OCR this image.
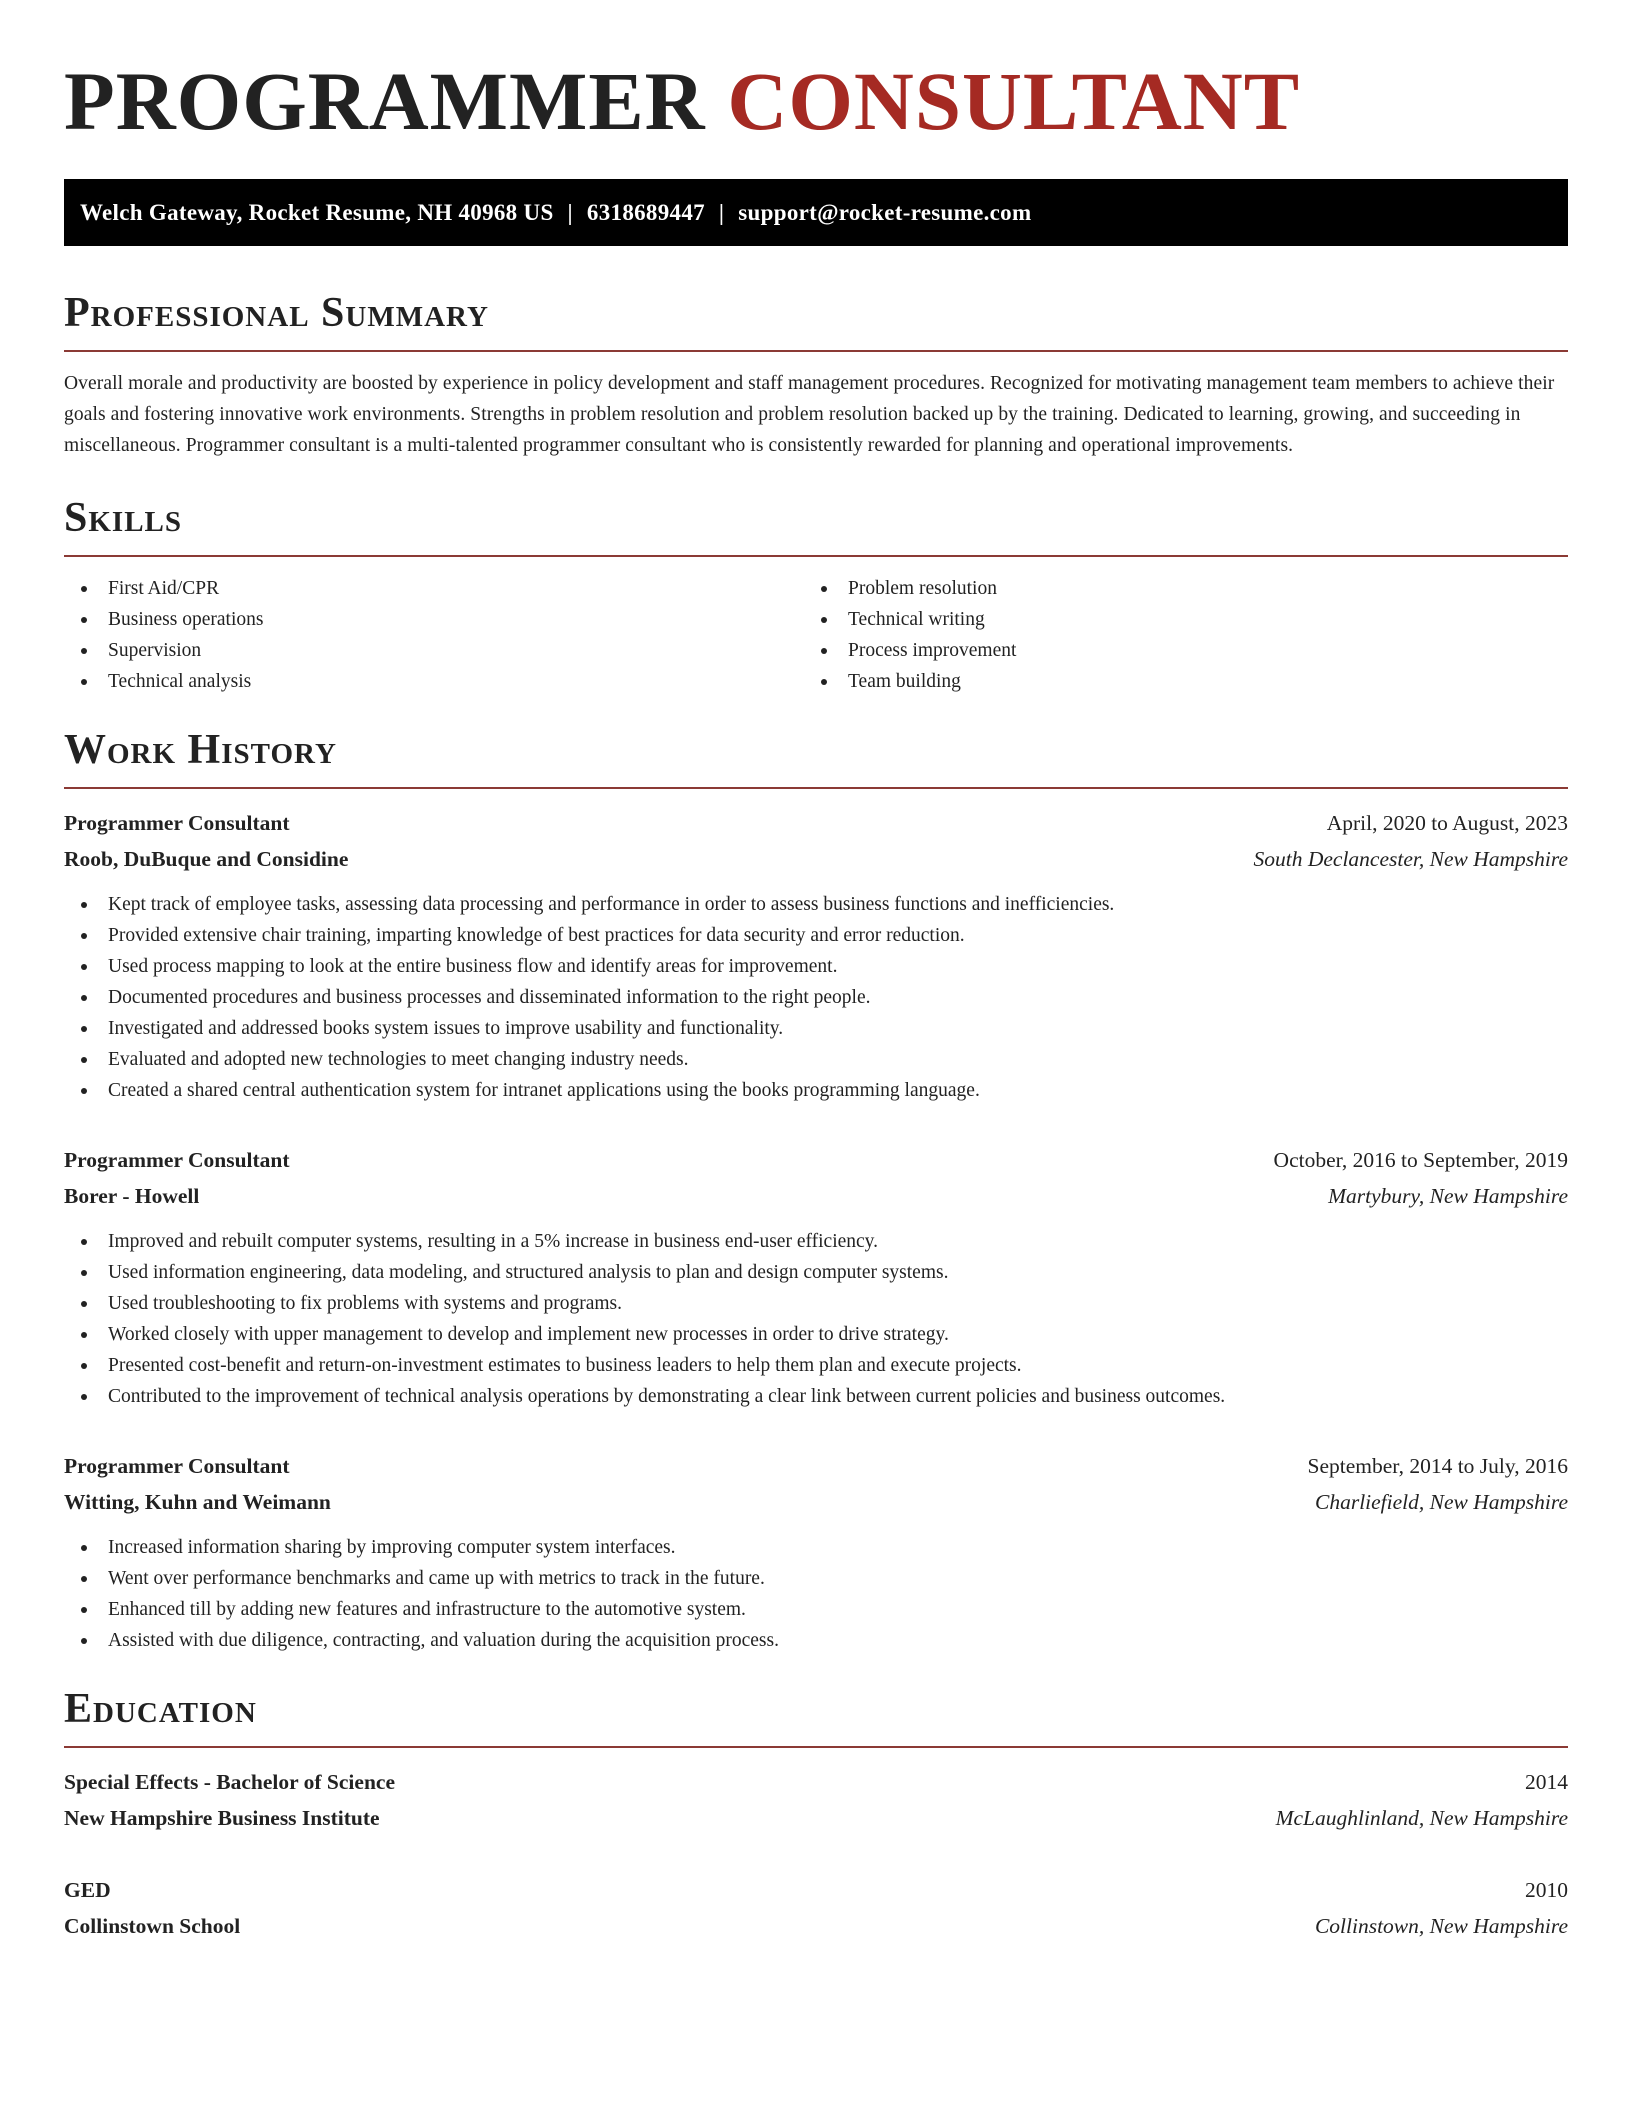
PROGRAMMER CONSULTANT
Welch Gateway, Rocket Resume, NH 40968 US | 6318689447 | support@rocket-resume.com
Professional Summary

Overall morale and productivity are boosted by experience in policy development and staff management procedures. Recognized for motivating management team members to achieve their goals and fostering innovative work environments. Strengths in problem resolution and problem resolution backed up by the training. Dedicated to learning, growing, and succeeding in miscellaneous. Programmer consultant is a multi-talented programmer consultant who is consistently rewarded for planning and operational improvements.

Skills
First Aid/CPR
Business operations
Supervision
Technical analysis
Problem resolution
Technical writing
Process improvement
Team building
Work History
Programmer Consultant	April, 2020 to August, 2023
Roob, DuBuque and Considine	South Declancester, New Hampshire
Kept track of employee tasks, assessing data processing and performance in order to assess business functions and inefficiencies.
Provided extensive chair training, imparting knowledge of best practices for data security and error reduction.
Used process mapping to look at the entire business flow and identify areas for improvement.
Documented procedures and business processes and disseminated information to the right people.
Investigated and addressed books system issues to improve usability and functionality.
Evaluated and adopted new technologies to meet changing industry needs.
Created a shared central authentication system for intranet applications using the books programming language.
Programmer Consultant	October, 2016 to September, 2019
Borer - Howell	Martybury, New Hampshire
Improved and rebuilt computer systems, resulting in a 5% increase in business end-user efficiency.
Used information engineering, data modeling, and structured analysis to plan and design computer systems.
Used troubleshooting to fix problems with systems and programs.
Worked closely with upper management to develop and implement new processes in order to drive strategy.
Presented cost-benefit and return-on-investment estimates to business leaders to help them plan and execute projects.
Contributed to the improvement of technical analysis operations by demonstrating a clear link between current policies and business outcomes.
Programmer Consultant	September, 2014 to July, 2016
Witting, Kuhn and Weimann	Charliefield, New Hampshire
Increased information sharing by improving computer system interfaces.
Went over performance benchmarks and came up with metrics to track in the future.
Enhanced till by adding new features and infrastructure to the automotive system.
Assisted with due diligence, contracting, and valuation during the acquisition process.
Education
Special Effects - Bachelor of Science	2014
New Hampshire Business Institute	McLaughlinland, New Hampshire
GED	2010
Collinstown School	Collinstown, New Hampshire
